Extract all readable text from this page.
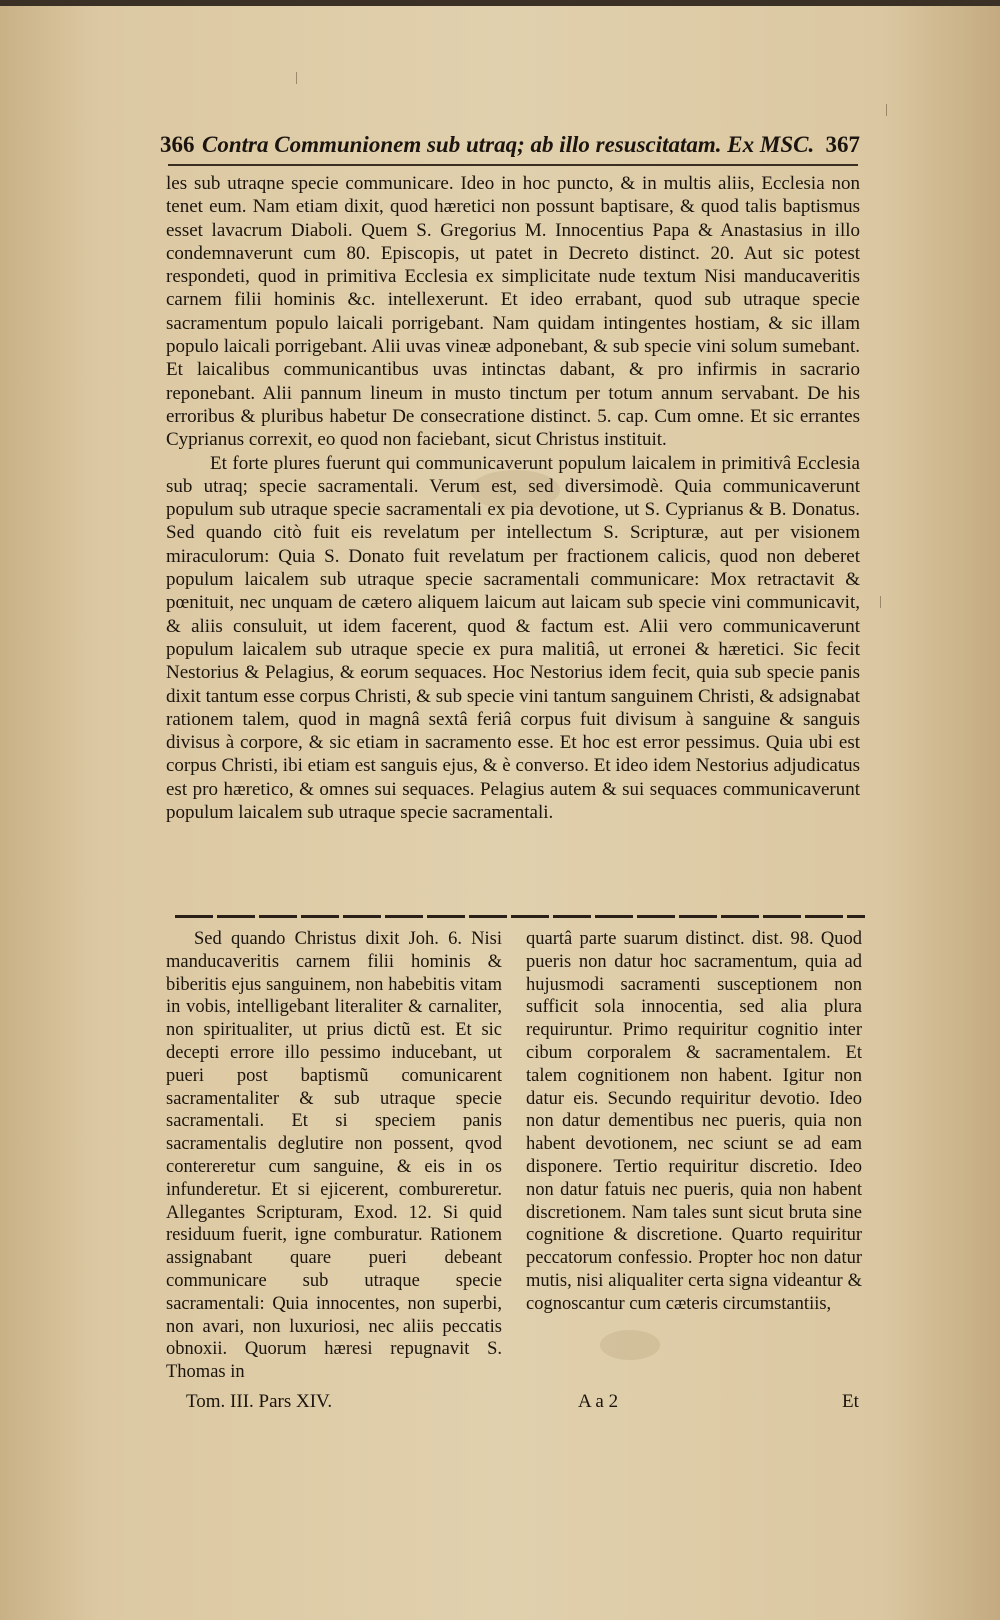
366 Contra Communionem sub utraq; ab illo resuscitatam. Ex MSC. 367

les sub utraqne specie communicare. Ideo in hoc puncto, & in multis aliis, Ecclesia non tenet eum. Nam etiam dixit, quod hæretici non possunt baptisare, & quod talis baptismus esset lavacrum Diaboli. Quem S. Gregorius M. Innocentius Papa & Anastasius in illo condemnaverunt cum 80. Episcopis, ut patet in Decreto distinct. 20. Aut sic potest respondeti, quod in primitiva Ecclesia ex simplicitate nude textum Nisi manducaveritis carnem filii hominis &c. intellexerunt. Et ideo errabant, quod sub utraque specie sacramentum populo laicali porrigebant. Nam quidam intingentes hostiam, & sic illam populo laicali porrigebant. Alii uvas vineæ adponebant, & sub specie vini solum sumebant. Et laicalibus communicantibus uvas intinctas dabant, & pro infirmis in sacrario reponebant. Alii pannum lineum in musto tinctum per totum annum servabant. De his erroribus & pluribus habetur De consecratione distinct. 5. cap. Cum omne. Et sic errantes Cyprianus correxit, eo quod non faciebant, sicut Christus instituit.

Et forte plures fuerunt qui communicaverunt populum laicalem in primitivâ Ecclesia sub utraq; specie sacramentali. Verum est, sed diversimodè. Quia communicaverunt populum sub utraque specie sacramentali ex pia devotione, ut S. Cyprianus & B. Donatus. Sed quando citò fuit eis revelatum per intellectum S. Scripturæ, aut per visionem miraculorum: Quia S. Donato fuit revelatum per fractionem calicis, quod non deberet populum laicalem sub utraque specie sacramentali communicare: Mox retractavit & pœnituit, nec unquam de cætero aliquem laicum aut laicam sub specie vini communicavit, & aliis consuluit, ut idem facerent, quod & factum est. Alii vero communicaverunt populum laicalem sub utraque specie ex pura malitiâ, ut erronei & hæretici. Sic fecit Nestorius & Pelagius, & eorum sequaces. Hoc Nestorius idem fecit, quia sub specie panis dixit tantum esse corpus Christi, & sub specie vini tantum sanguinem Christi, & adsignabat rationem talem, quod in magnâ sextâ feriâ corpus fuit divisum à sanguine & sanguis divisus à corpore, & sic etiam in sacramento esse. Et hoc est error pessimus. Quia ubi est corpus Christi, ibi etiam est sanguis ejus, & è converso. Et ideo idem Nestorius adjudicatus est pro hæretico, & omnes sui sequaces. Pelagius autem & sui sequaces communicaverunt populum laicalem sub utraque specie sacramentali.

Sed quando Christus dixit Joh. 6. Nisi manducaveritis carnem filii hominis & biberitis ejus sanguinem, non habebitis vitam in vobis, intelligebant literaliter & carnaliter, non spiritualiter, ut prius dictũ est. Et sic decepti errore illo pessimo inducebant, ut pueri post baptismũ comunicarent sacramentaliter & sub utraque specie sacramentali. Et si speciem panis sacramentalis deglutire non possent, qvod contereretur cum sanguine, & eis in os infunderetur. Et si ejicerent, combureretur. Allegantes Scripturam, Exod. 12. Si quid residuum fuerit, igne comburatur. Rationem assignabant quare pueri debeant communicare sub utraque specie sacramentali: Quia innocentes, non superbi, non avari, non luxuriosi, nec aliis peccatis obnoxii. Quorum hæresi repugnavit S. Thomas in

quartâ parte suarum distinct. dist. 98. Quod pueris non datur hoc sacramentum, quia ad hujusmodi sacramenti susceptionem non sufficit sola innocentia, sed alia plura requiruntur. Primo requiritur cognitio inter cibum corporalem & sacramentalem. Et talem cognitionem non habent. Igitur non datur eis. Secundo requiritur devotio. Ideo non datur dementibus nec pueris, quia non habent devotionem, nec sciunt se ad eam disponere. Tertio requiritur discretio. Ideo non datur fatuis nec pueris, quia non habent discretionem. Nam tales sunt sicut bruta sine cognitione & discretione. Quarto requiritur peccatorum confessio. Propter hoc non datur mutis, nisi aliqualiter certa signa videantur & cognoscantur cum cæteris circumstantiis,

Tom. III. Pars XIV.	A a 2	Et
